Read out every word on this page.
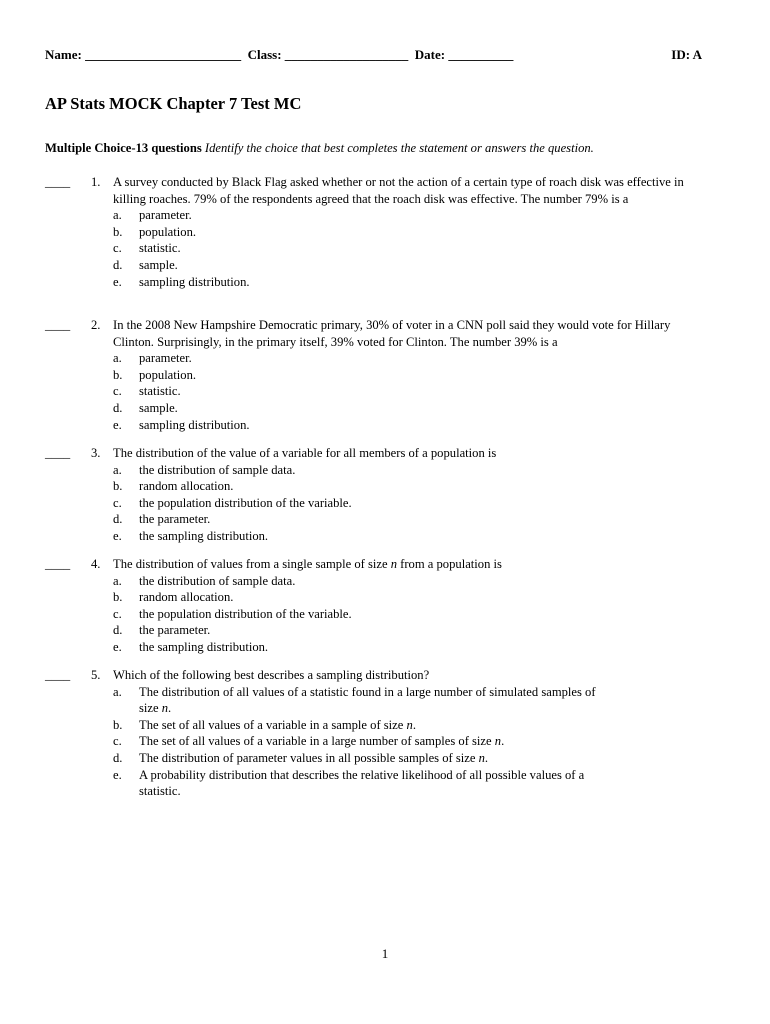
Name: ________________________ Class: ___________________ Date: __________	ID: A
AP Stats MOCK Chapter 7 Test MC
Multiple Choice-13 questions Identify the choice that best completes the statement or answers the question.
____ 1. A survey conducted by Black Flag asked whether or not the action of a certain type of roach disk was effective in killing roaches. 79% of the respondents agreed that the roach disk was effective. The number 79% is a
a. parameter.
b. population.
c. statistic.
d. sample.
e. sampling distribution.
____ 2. In the 2008 New Hampshire Democratic primary, 30% of voter in a CNN poll said they would vote for Hillary Clinton. Surprisingly, in the primary itself, 39% voted for Clinton. The number 39% is a
a. parameter.
b. population.
c. statistic.
d. sample.
e. sampling distribution.
____ 3. The distribution of the value of a variable for all members of a population is
a. the distribution of sample data.
b. random allocation.
c. the population distribution of the variable.
d. the parameter.
e. the sampling distribution.
____ 4. The distribution of values from a single sample of size n from a population is
a. the distribution of sample data.
b. random allocation.
c. the population distribution of the variable.
d. the parameter.
e. the sampling distribution.
____ 5. Which of the following best describes a sampling distribution?
a. The distribution of all values of a statistic found in a large number of simulated samples of size n.
b. The set of all values of a variable in a sample of size n.
c. The set of all values of a variable in a large number of samples of size n.
d. The distribution of parameter values in all possible samples of size n.
e. A probability distribution that describes the relative likelihood of all possible values of a statistic.
1
